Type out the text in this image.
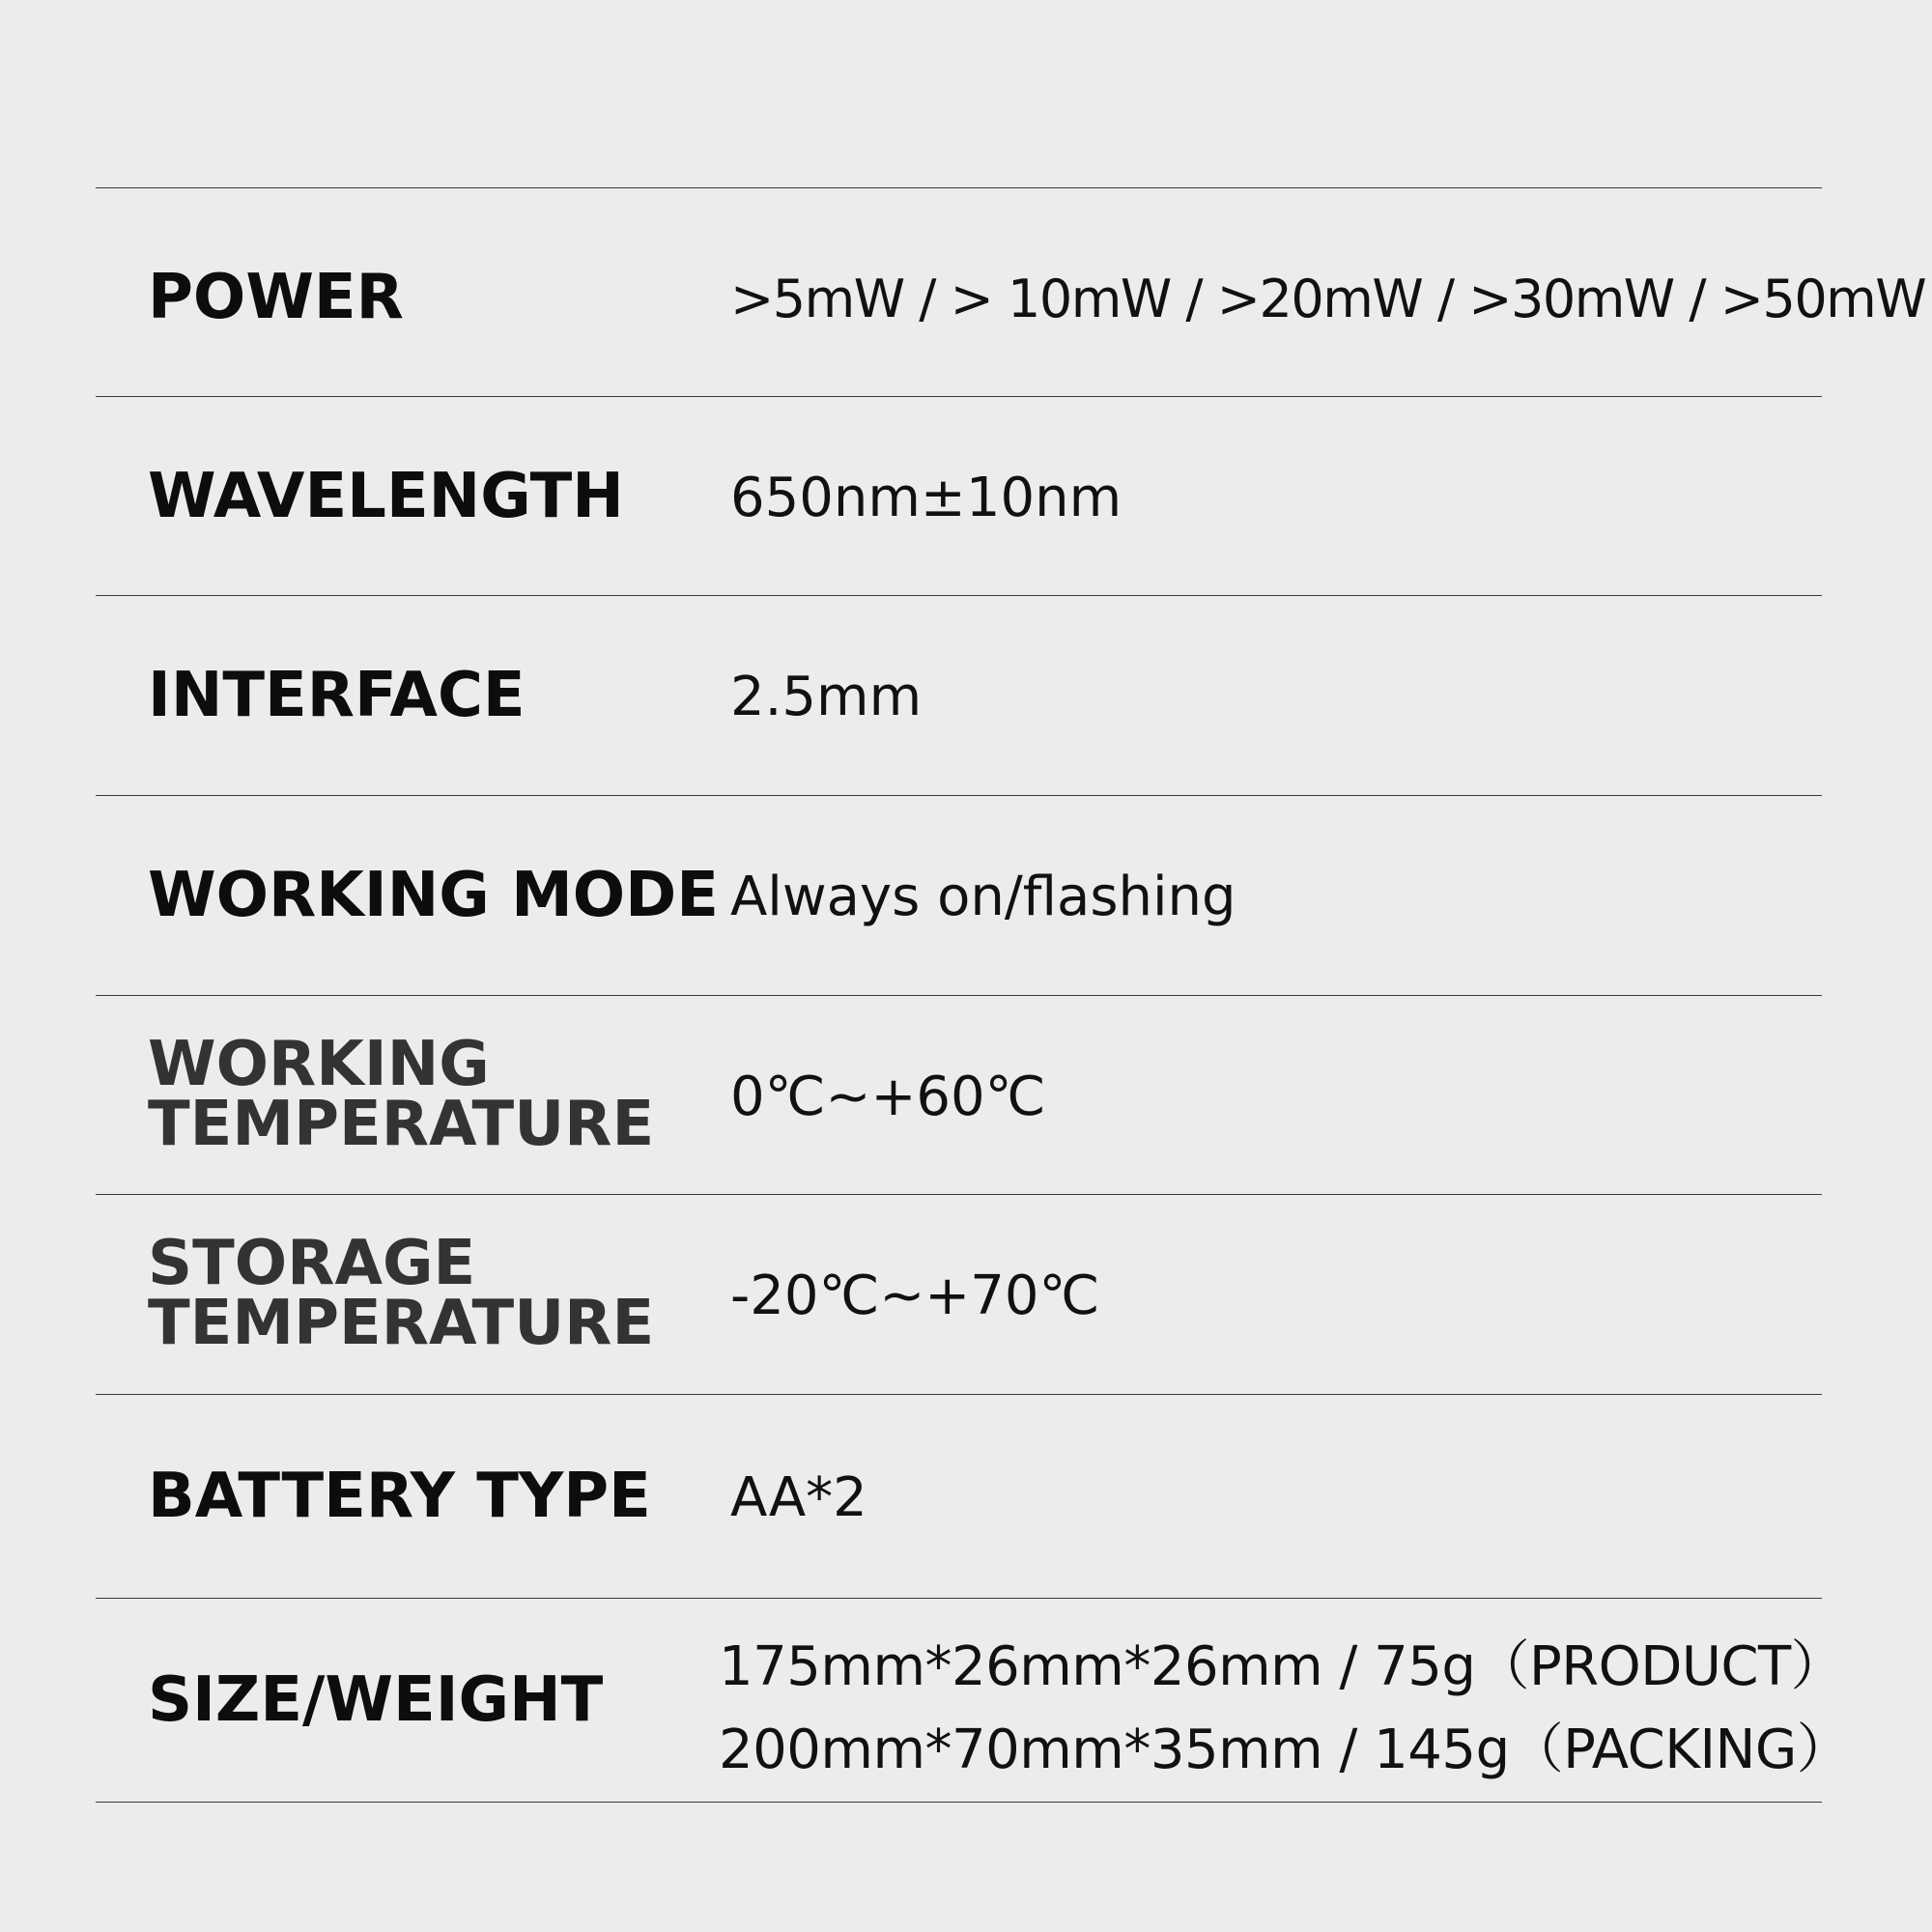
POWER	>5mW / > 10mW / >20mW / >30mW / >50mW
WAVELENGTH 650nm±10nm
INTERFACE	2.5mm
WORKING MODE Always on/flashing
WORKING
TEMPERATURE 0℃~+60℃
STORAGE
TEMPERATURE -20℃~+70℃
BATTERY TYPE AA*2
SIZE/WEIGHT 175mm*26mm*26mm / 75g（PRODUCT）
200mm*70mm*35mm / 145g（PACKING）
